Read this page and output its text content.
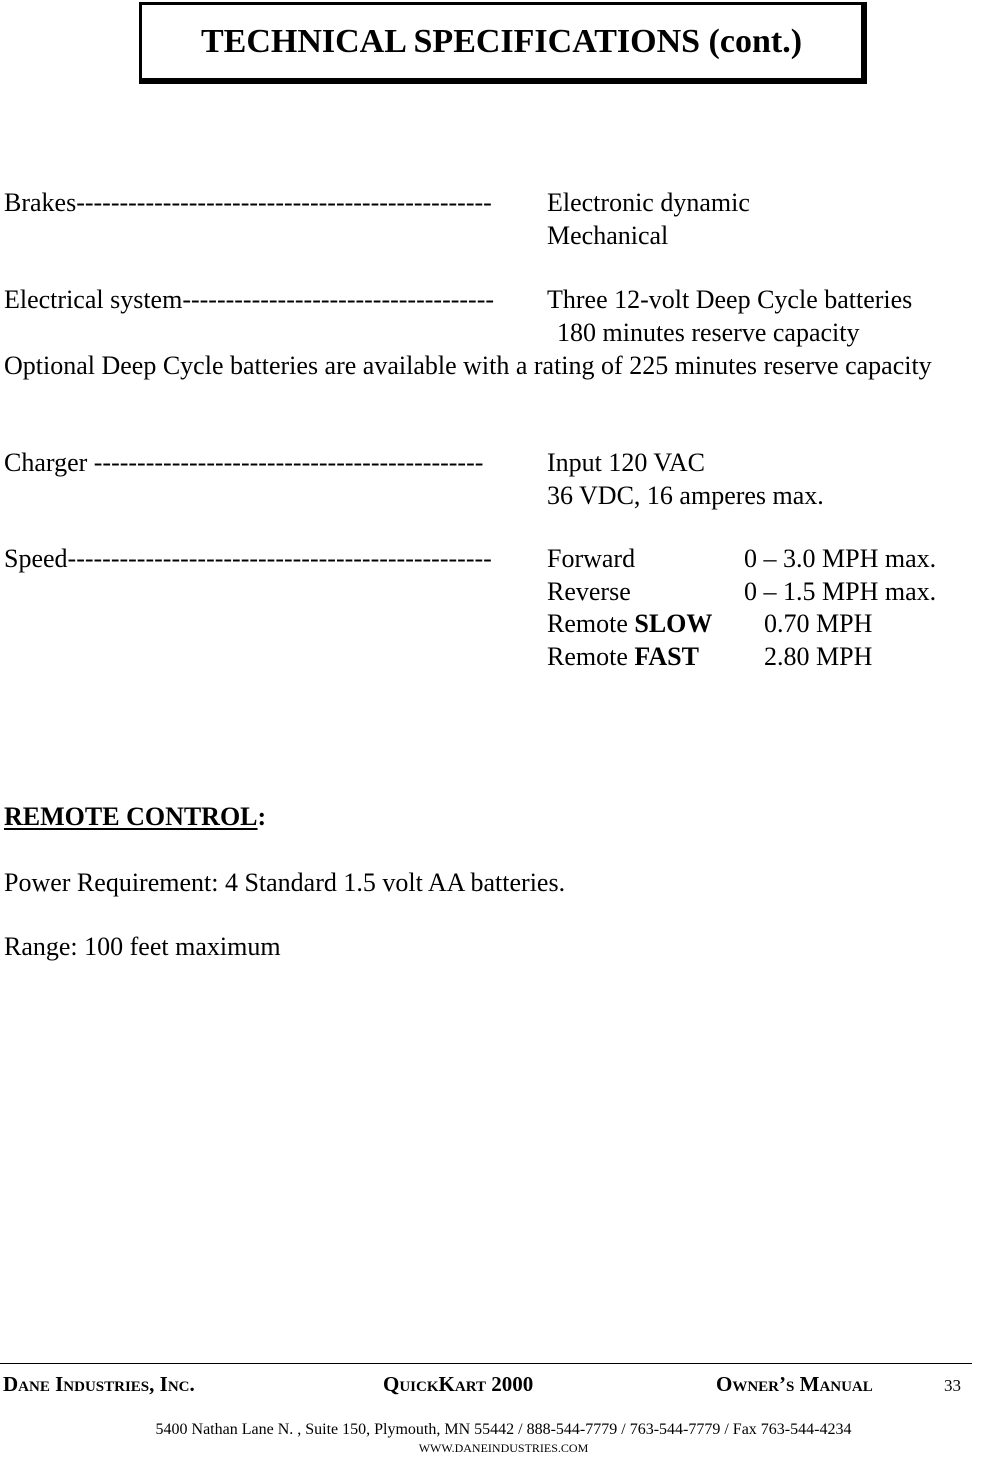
TECHNICAL SPECIFICATIONS (cont.)
Brakes------------------------------------------------ Electronic dynamic
Mechanical
Electrical system------------------------------------ Three 12-volt Deep Cycle batteries
180 minutes reserve capacity
Optional Deep Cycle batteries are available with a rating of 225 minutes reserve capacity
Charger --------------------------------------------- Input 120 VAC
36 VDC, 16 amperes max.
Speed------------------------------------------------- Forward	0 – 3.0 MPH max.
Reverse	0 – 1.5 MPH max.
Remote SLOW 0.70 MPH
Remote FAST	2.80 MPH
REMOTE CONTROL:
Power Requirement: 4 Standard 1.5 volt AA batteries.
Range: 100 feet maximum
Dane Industries, Inc.	QuickKart 2000	Owner’s Manual	33
5400 Nathan Lane N. , Suite 150, Plymouth, MN 55442 / 888-544-7779 / 763-544-7779 / Fax 763-544-4234
WWW.DANEINDUSTRIES.COM
